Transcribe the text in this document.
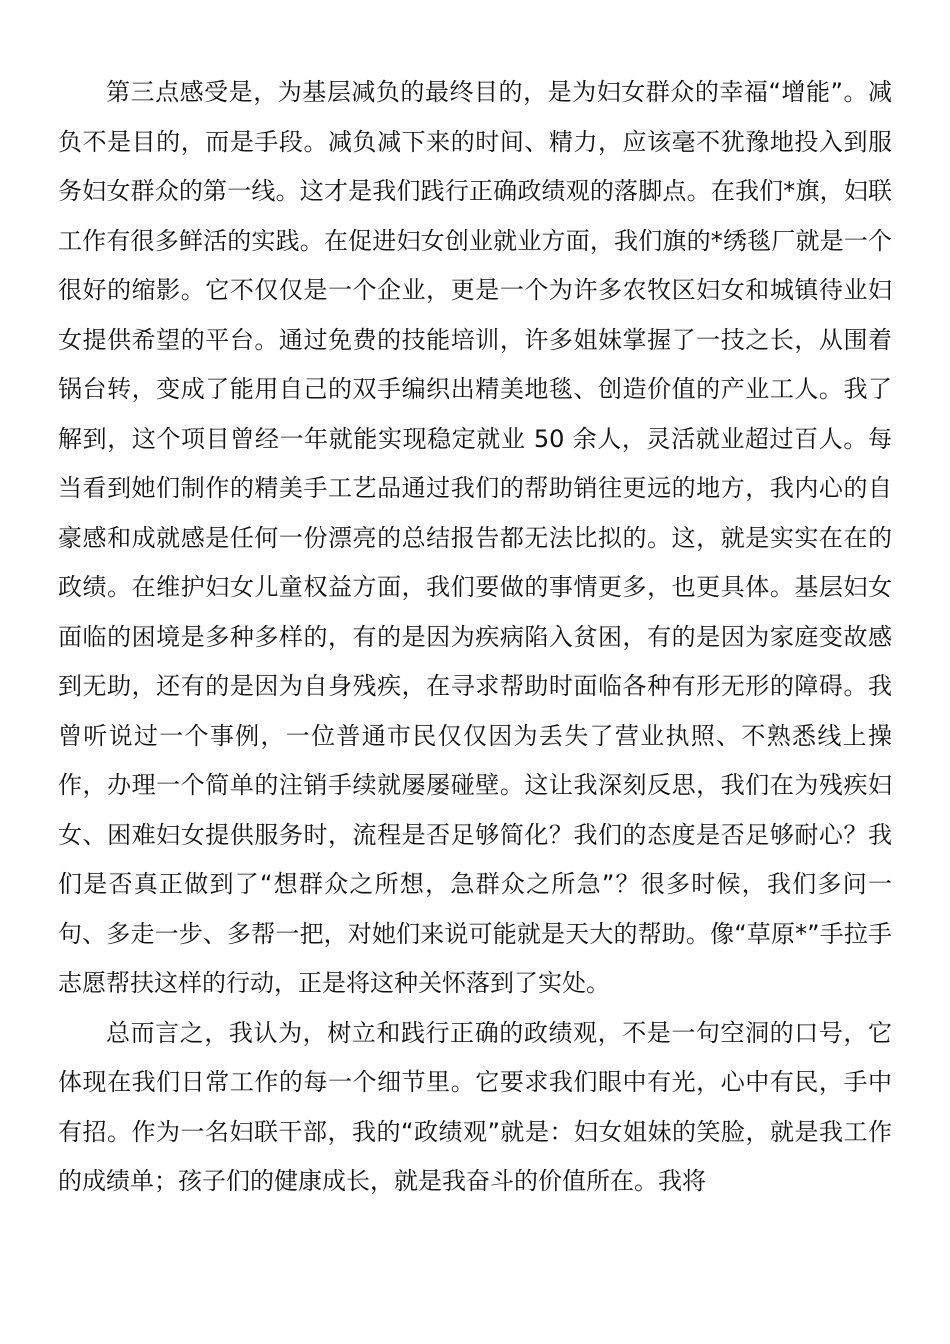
第三点感受是，为基层减负的最终目的，是为妇女群众的幸福“增能”。减负不是目的，而是手段。减负减下来的时间、精力，应该毫不犹豫地投入到服务妇女群众的第一线。这才是我们践行正确政绩观的落脚点。在我们*旗，妇联工作有很多鲜活的实践。在促进妇女创业就业方面，我们旗的*绣毯厂就是一个很好的缩影。它不仅仅是一个企业，更是一个为许多农牧区妇女和城镇待业妇女提供希望的平台。通过免费的技能培训，许多姐妹掌握了一技之长，从围着锅台转，变成了能用自己的双手编织出精美地毯、创造价值的产业工人。我了解到，这个项目曾经一年就能实现稳定就业 50 余人，灵活就业超过百人。每当看到她们制作的精美手工艺品通过我们的帮助销往更远的地方，我内心的自豪感和成就感是任何一份漂亮的总结报告都无法比拟的。这，就是实实在在的政绩。在维护妇女儿童权益方面，我们要做的事情更多，也更具体。基层妇女面临的困境是多种多样的，有的是因为疾病陷入贫困，有的是因为家庭变故感到无助，还有的是因为自身残疾，在寻求帮助时面临各种有形无形的障碍。我曾听说过一个事例，一位普通市民仅仅因为丢失了营业执照、不熟悉线上操作，办理一个简单的注销手续就屡屡碰壁。这让我深刻反思，我们在为残疾妇女、困难妇女提供服务时，流程是否足够简化？我们的态度是否足够耐心？我们是否真正做到了“想群众之所想，急群众之所急”？很多时候，我们多问一句、多走一步、多帮一把，对她们来说可能就是天大的帮助。像“草原*”手拉手志愿帮扶这样的行动，正是将这种关怀落到了实处。

总而言之，我认为，树立和践行正确的政绩观，不是一句空洞的口号，它体现在我们日常工作的每一个细节里。它要求我们眼中有光，心中有民，手中有招。作为一名妇联干部，我的“政绩观”就是：妇女姐妹的笑脸，就是我工作的成绩单；孩子们的健康成长，就是我奋斗的价值所在。我将
